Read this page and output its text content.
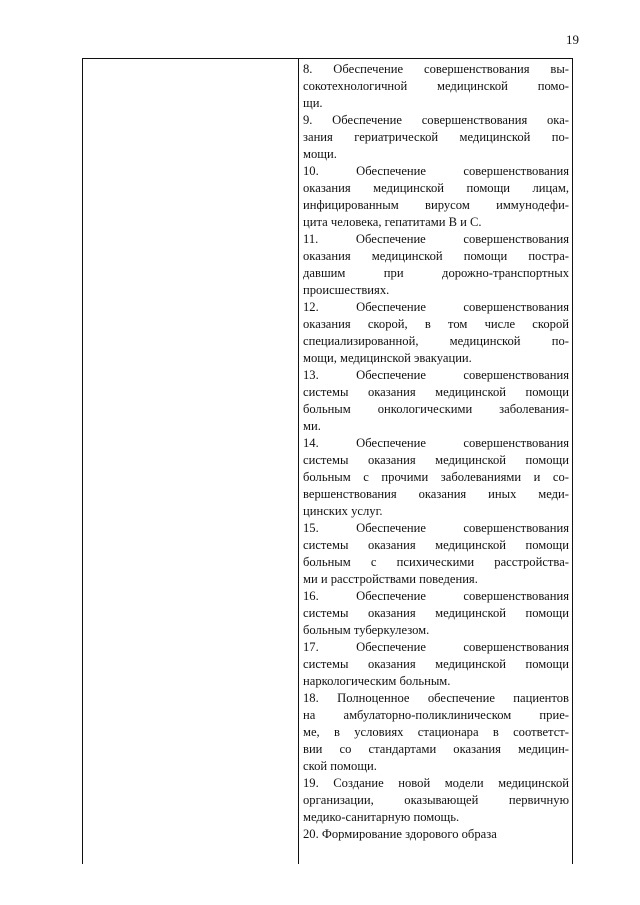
19

8. Обеспечение совершенствования вы-
сокотехнологичной медицинской помо-
щи.

9. Обеспечение совершенствования ока-
зания гериатрической медицинской по-
мощи.

10. Обеспечение совершенствования
оказания медицинской помощи лицам,
инфицированным вирусом иммунодефи-
цита человека, гепатитами В и С.

11. Обеспечение совершенствования
оказания медицинской помощи постра-
давшим при дорожно-транспортных
происшествиях.

12. Обеспечение совершенствования
оказания скорой, в том числе скорой
специализированной, медицинской по-
мощи, медицинской эвакуации.

13. Обеспечение совершенствования
системы оказания медицинской помощи
больным онкологическими заболевания-
ми.

14. Обеспечение совершенствования
системы оказания медицинской помощи
больным с прочими заболеваниями и со-
вершенствования оказания иных меди-
цинских услуг.

15. Обеспечение совершенствования
системы оказания медицинской помощи
больным с психическими расстройства-
ми и расстройствами поведения.

16. Обеспечение совершенствования
системы оказания медицинской помощи
больным туберкулезом.

17. Обеспечение совершенствования
системы оказания медицинской помощи
наркологическим больным.

18. Полноценное обеспечение пациентов
на амбулаторно-поликлиническом прие-
ме, в условиях стационара в соответст-
вии со стандартами оказания медицин-
ской помощи.

19. Создание новой модели медицинской
организации, оказывающей первичную
медико-санитарную помощь.

20. Формирование здорового образа
